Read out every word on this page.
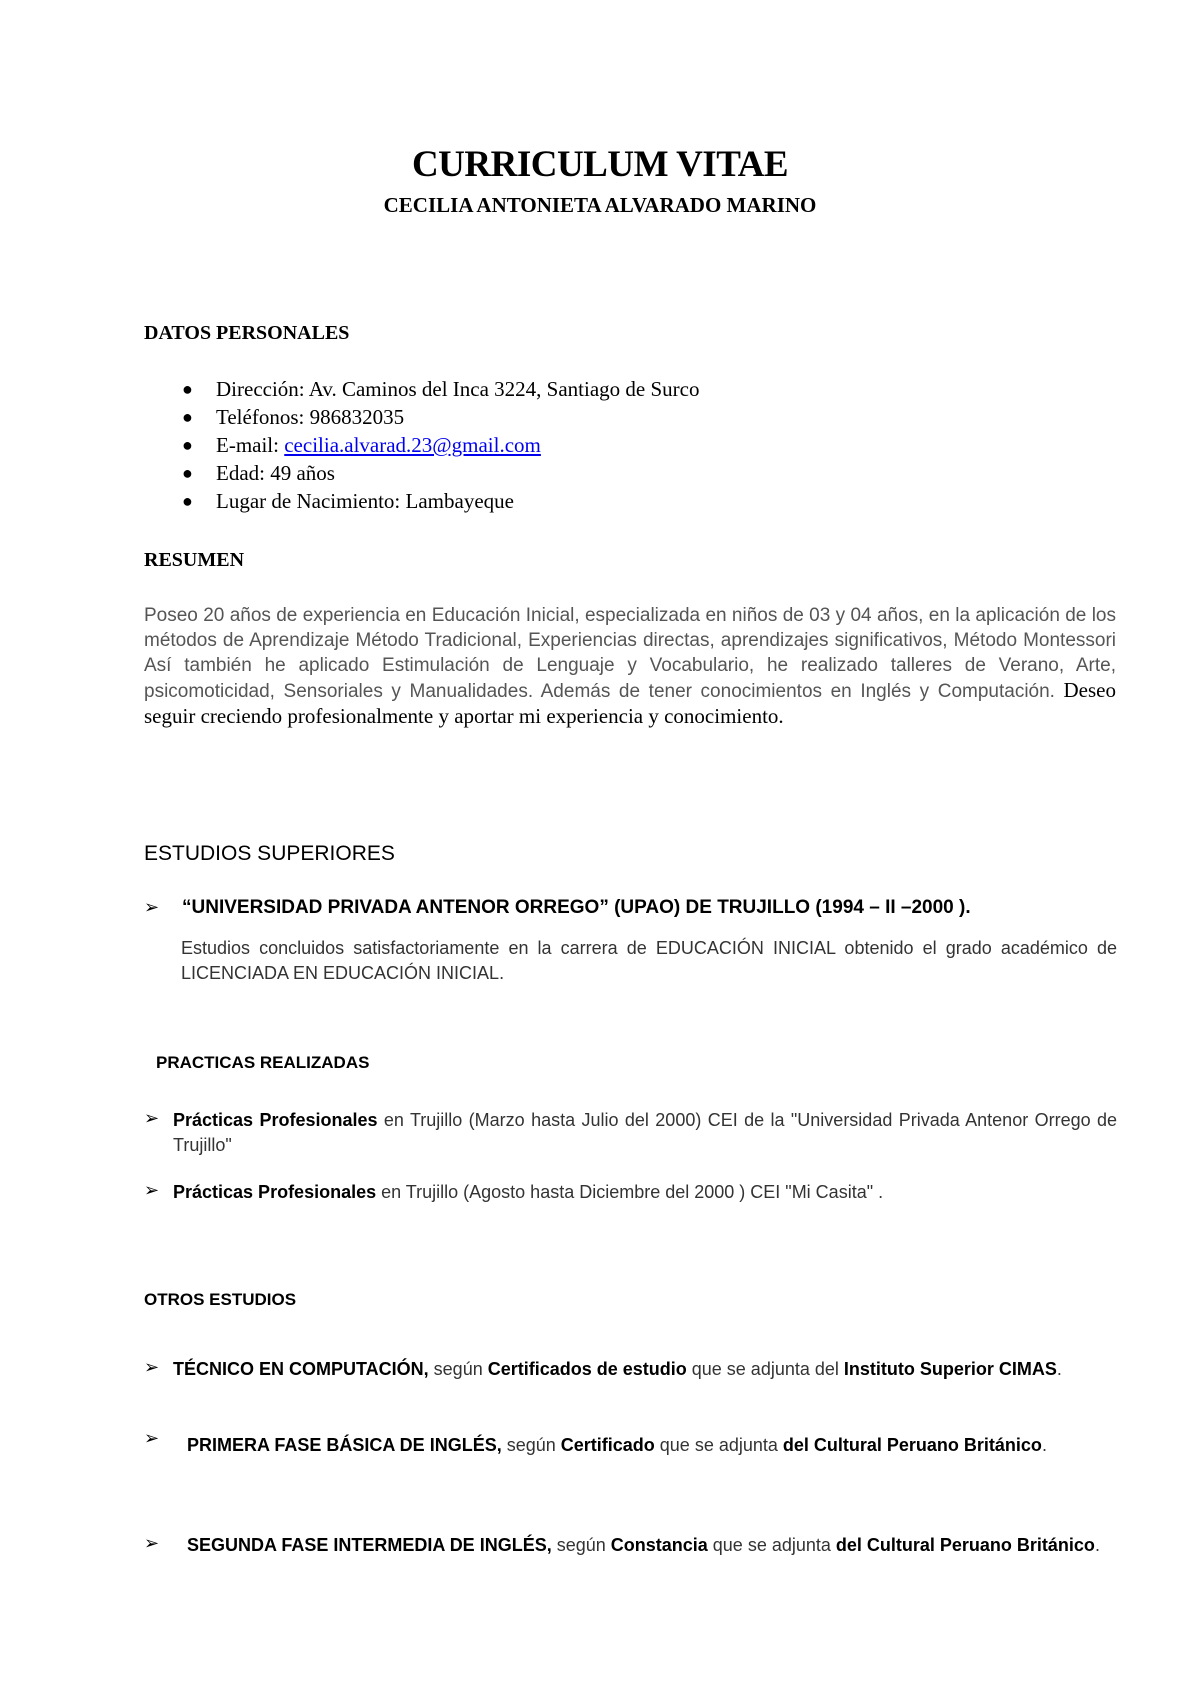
CURRICULUM VITAE
CECILIA ANTONIETA ALVARADO MARINO
DATOS PERSONALES
● Dirección: Av. Caminos del Inca 3224, Santiago de Surco
● Teléfonos: 986832035
● E-mail: cecilia.alvarad.23@gmail.com
● Edad: 49 años
● Lugar de Nacimiento: Lambayeque
RESUMEN
Poseo 20 años de experiencia en Educación Inicial, especializada en niños de 03 y 04 años, en la aplicación de los métodos de Aprendizaje Método Tradicional, Experiencias directas, aprendizajes significativos, Método Montessori Así también he aplicado Estimulación de Lenguaje y Vocabulario, he realizado talleres de Verano, Arte, psicomoticidad, Sensoriales y Manualidades. Además de tener conocimientos en Inglés y Computación. Deseo seguir creciendo profesionalmente y aportar mi experiencia y conocimiento.
ESTUDIOS SUPERIORES
➢ “UNIVERSIDAD PRIVADA ANTENOR ORREGO” (UPAO) DE TRUJILLO (1994 – II –2000 ).
Estudios concluidos satisfactoriamente en la carrera de EDUCACIÓN INICIAL obtenido el grado académico de LICENCIADA EN EDUCACIÓN INICIAL.
PRACTICAS REALIZADAS
➢ Prácticas Profesionales en Trujillo (Marzo hasta Julio del 2000) CEI de la "Universidad Privada Antenor Orrego de Trujillo"
➢ Prácticas Profesionales en Trujillo (Agosto hasta Diciembre del 2000 ) CEI "Mi Casita" .
OTROS ESTUDIOS
➢ TÉCNICO EN COMPUTACIÓN, según Certificados de estudio que se adjunta del Instituto Superior CIMAS.
➢ PRIMERA FASE BÁSICA DE INGLÉS, según Certificado que se adjunta del Cultural Peruano Británico.
➢ SEGUNDA FASE INTERMEDIA DE INGLÉS, según Constancia que se adjunta del Cultural Peruano Británico.
